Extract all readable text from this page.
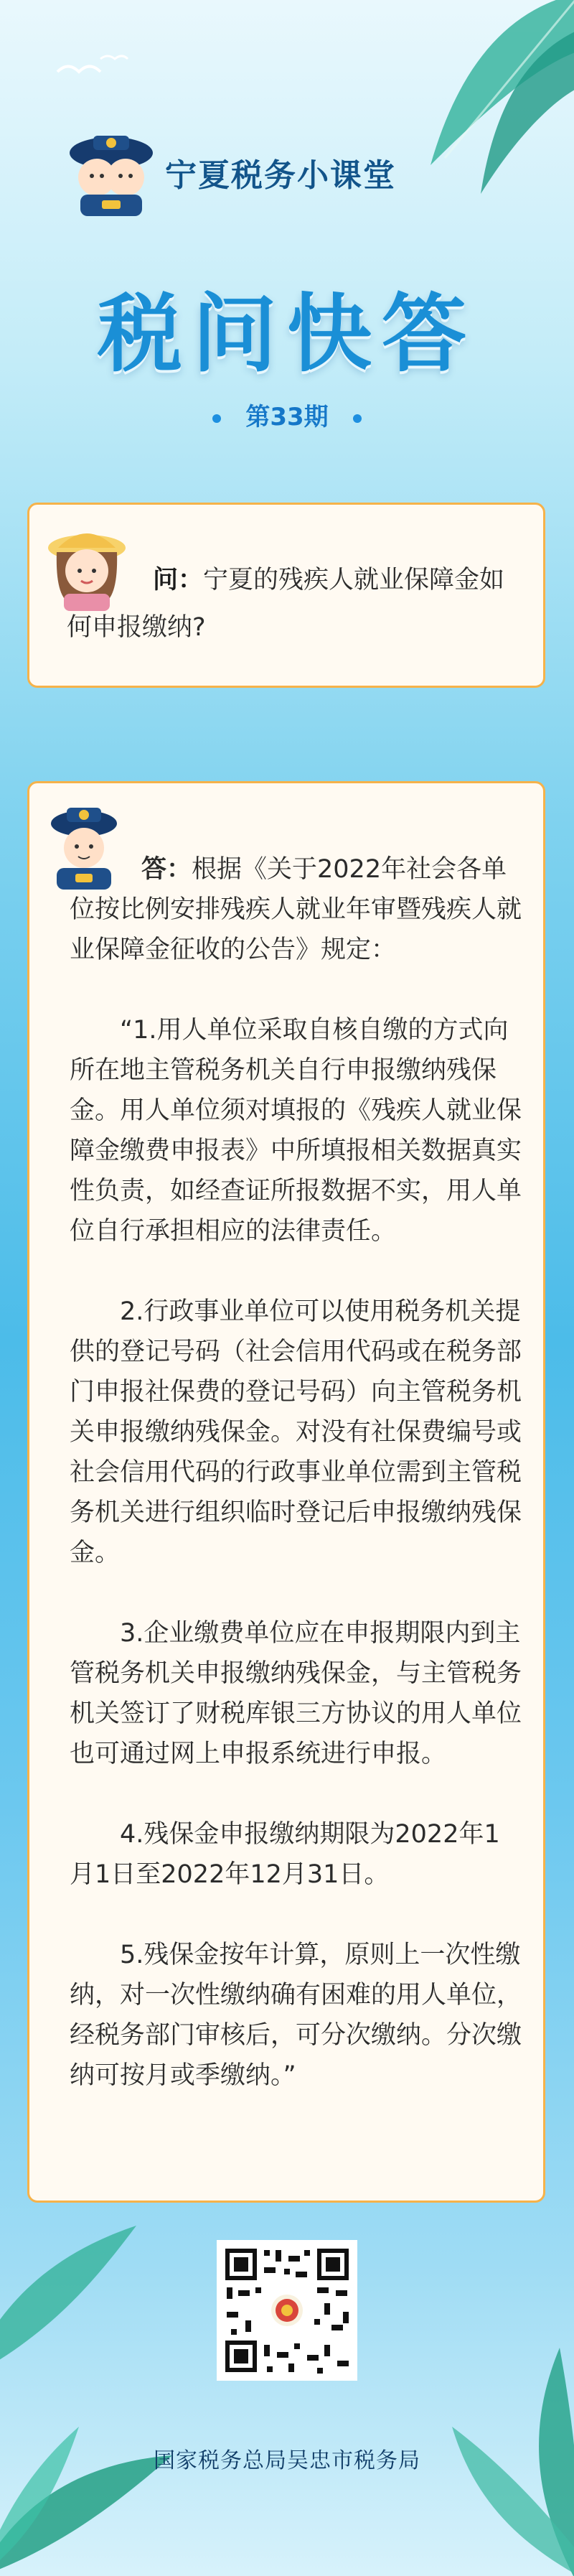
宁夏税务小课堂
税问快答
第33期
问：宁夏的残疾人就业保障金如何申报缴纳?

答：根据《关于2022年社会各单位按比例安排残疾人就业年审暨残疾人就业保障金征收的公告》规定：

“1.用人单位采取自核自缴的方式向所在地主管税务机关自行申报缴纳残保金。用人单位须对填报的《残疾人就业保障金缴费申报表》中所填报相关数据真实性负责，如经查证所报数据不实，用人单位自行承担相应的法律责任。

2.行政事业单位可以使用税务机关提供的登记号码（社会信用代码或在税务部门申报社保费的登记号码）向主管税务机关申报缴纳残保金。对没有社保费编号或社会信用代码的行政事业单位需到主管税务机关进行组织临时登记后申报缴纳残保金。

3.企业缴费单位应在申报期限内到主管税务机关申报缴纳残保金，与主管税务机关签订了财税库银三方协议的用人单位也可通过网上申报系统进行申报。

4.残保金申报缴纳期限为2022年1月1日至2022年12月31日。

5.残保金按年计算，原则上一次性缴纳，对一次性缴纳确有困难的用人单位，经税务部门审核后，可分次缴纳。分次缴纳可按月或季缴纳。”

国家税务总局吴忠市税务局
